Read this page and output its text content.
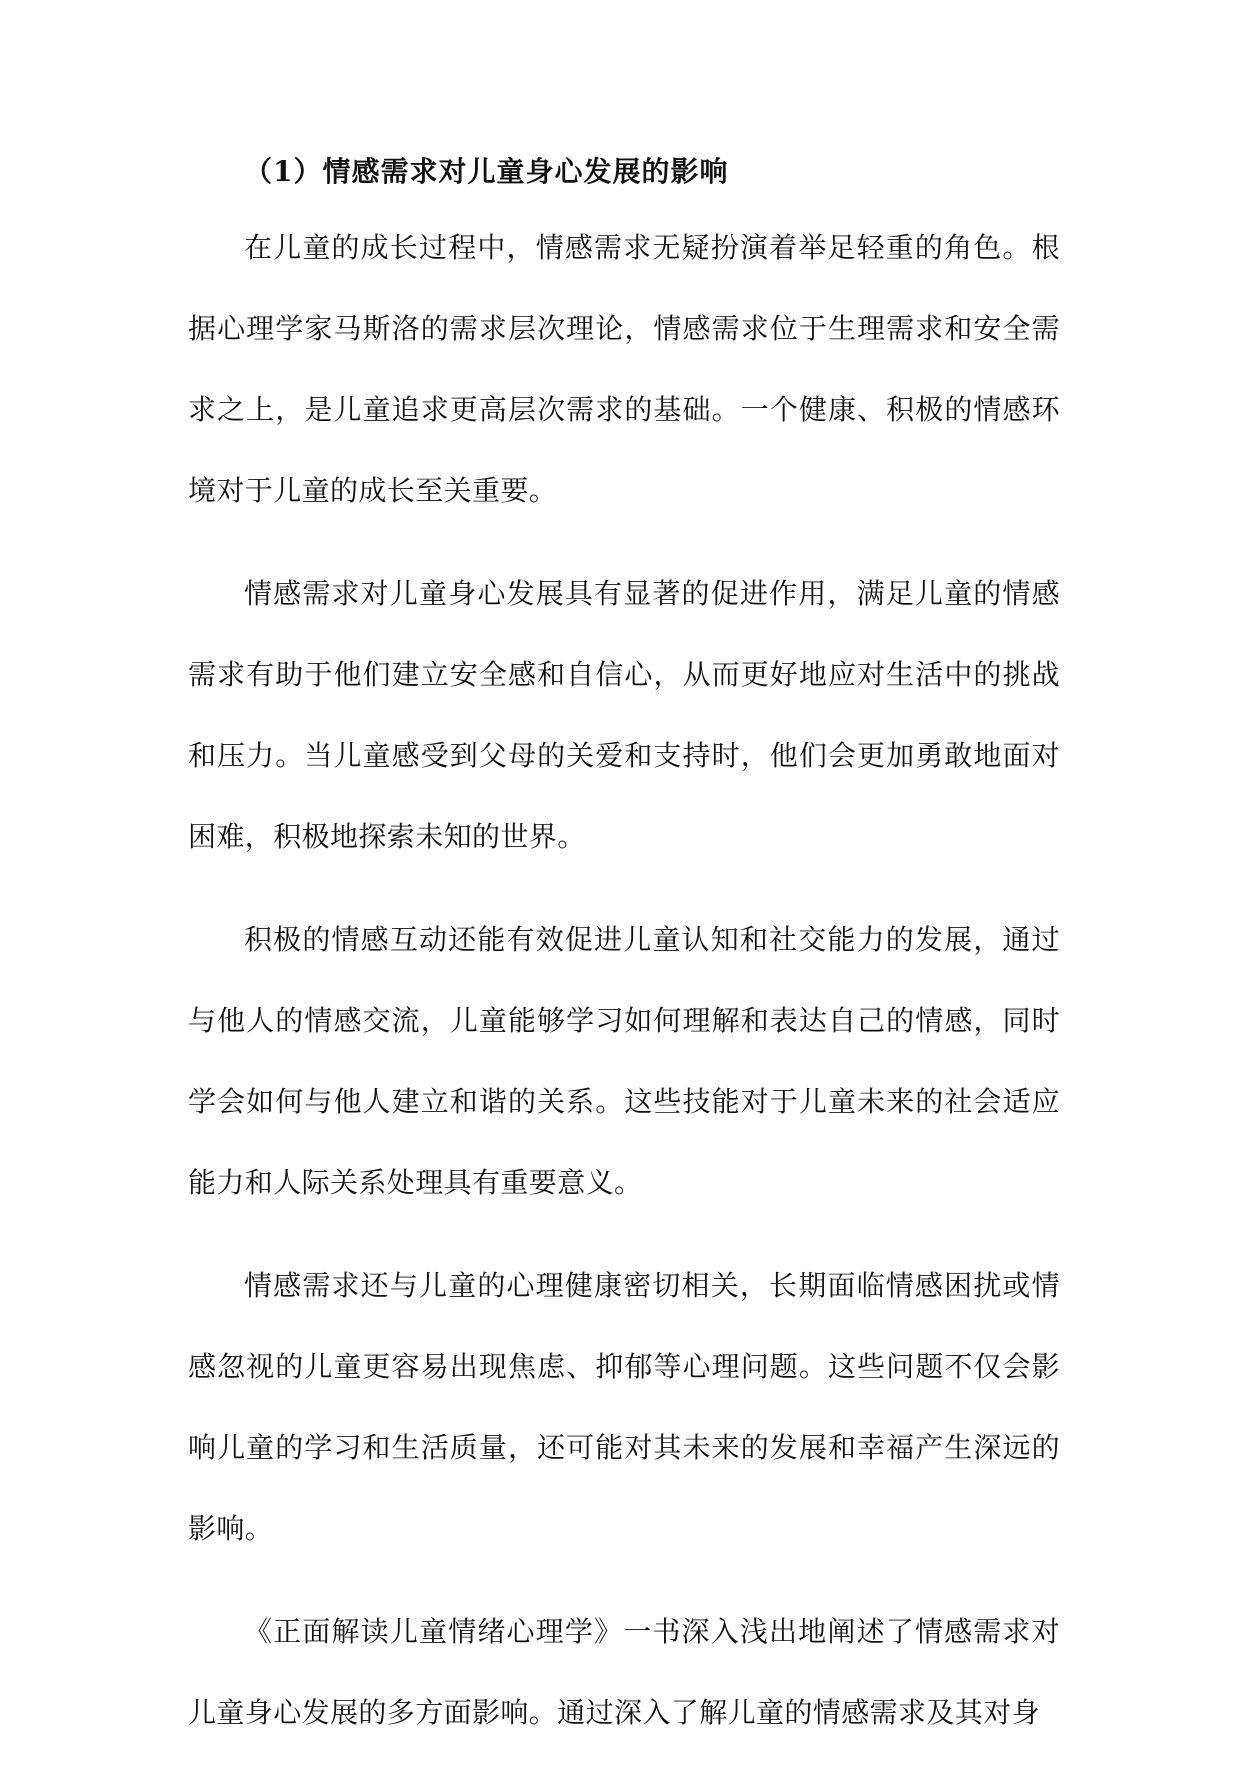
（1）情感需求对儿童身心发展的影响

在儿童的成长过程中，情感需求无疑扮演着举足轻重的角色。根据心理学家马斯洛的需求层次理论，情感需求位于生理需求和安全需求之上，是儿童追求更高层次需求的基础。一个健康、积极的情感环境对于儿童的成长至关重要。

情感需求对儿童身心发展具有显著的促进作用，满足儿童的情感需求有助于他们建立安全感和自信心，从而更好地应对生活中的挑战和压力。当儿童感受到父母的关爱和支持时，他们会更加勇敢地面对困难，积极地探索未知的世界。

积极的情感互动还能有效促进儿童认知和社交能力的发展，通过与他人的情感交流，儿童能够学习如何理解和表达自己的情感，同时学会如何与他人建立和谐的关系。这些技能对于儿童未来的社会适应能力和人际关系处理具有重要意义。

情感需求还与儿童的心理健康密切相关，长期面临情感困扰或情感忽视的儿童更容易出现焦虑、抑郁等心理问题。这些问题不仅会影响儿童的学习和生活质量，还可能对其未来的发展和幸福产生深远的影响。

《正面解读儿童情绪心理学》一书深入浅出地阐述了情感需求对儿童身心发展的多方面影响。通过深入了解儿童的情感需求及其对身
